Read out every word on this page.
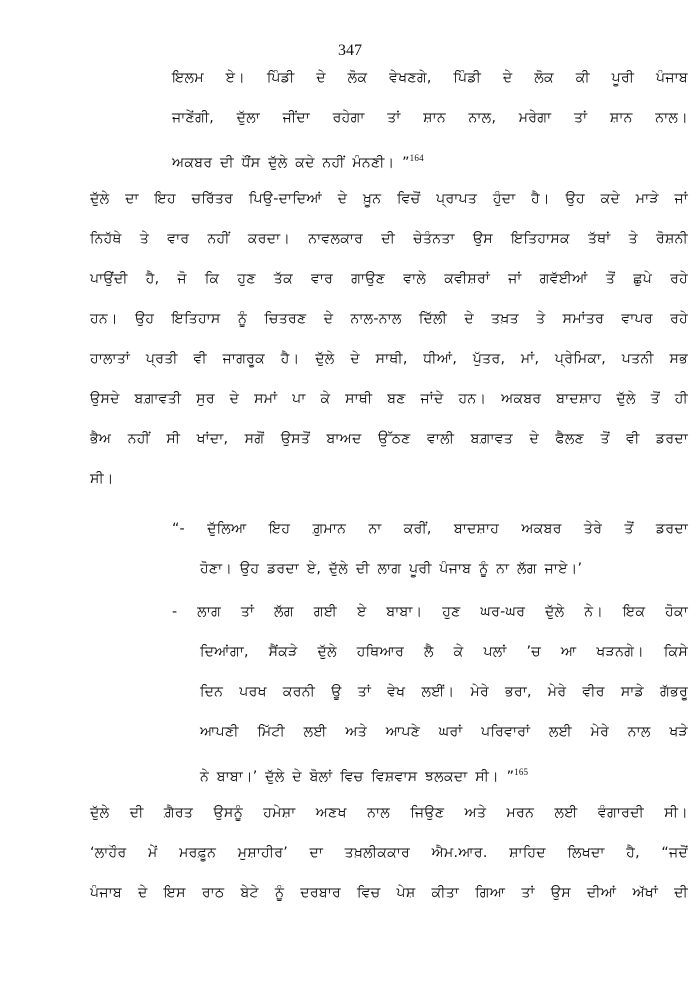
347
ਇਲਮ ਏ। ਪਿੰਡੀ ਦੇ ਲੋਕ ਵੇਖਣਗੇ, ਪਿੰਡੀ ਦੇ ਲੋਕ ਕੀ ਪੂਰੀ ਪੰਜਾਬ
ਜਾਣੇਂਗੀ, ਦੁੱਲਾ ਜੀਂਦਾ ਰਹੇਗਾ ਤਾਂ ਸ਼ਾਨ ਨਾਲ, ਮਰੇਗਾ ਤਾਂ ਸ਼ਾਨ ਨਾਲ।
ਅਕਬਰ ਦੀ ਧੌਂਸ ਦੁੱਲੇ ਕਦੇ ਨਹੀਂ ਮੰਨਣੀ। ”$^{164}$
ਦੁੱਲੇ ਦਾ ਇਹ ਚਰਿੱਤਰ ਪਿਉ-ਦਾਦਿਆਂ ਦੇ ਖ਼ੂਨ ਵਿਚੋਂ ਪ੍ਰਾਪਤ ਹੁੰਦਾ ਹੈ। ਉਹ ਕਦੇ ਮਾੜੇ ਜਾਂ
ਨਿਹੱਥੇ ਤੇ ਵਾਰ ਨਹੀਂ ਕਰਦਾ। ਨਾਵਲਕਾਰ ਦੀ ਚੇਤੰਨਤਾ ਉਸ ਇਤਿਹਾਸਕ ਤੱਥਾਂ ਤੇ ਰੋਸ਼ਨੀ
ਪਾਉਂਦੀ ਹੈ, ਜੋ ਕਿ ਹੁਣ ਤੱਕ ਵਾਰ ਗਾਉਣ ਵਾਲੇ ਕਵੀਸ਼ਰਾਂ ਜਾਂ ਗਵੱਈਆਂ ਤੋਂ ਛੁਪੇ ਰਹੇ
ਹਨ। ਉਹ ਇਤਿਹਾਸ ਨੂੰ ਚਿਤਰਣ ਦੇ ਨਾਲ-ਨਾਲ ਦਿੱਲੀ ਦੇ ਤਖ਼ਤ ਤੇ ਸਮਾਂਤਰ ਵਾਪਰ ਰਹੇ
ਹਾਲਾਤਾਂ ਪ੍ਰਤੀ ਵੀ ਜਾਗਰੂਕ ਹੈ। ਦੁੱਲੇ ਦੇ ਸਾਥੀ, ਧੀਆਂ, ਪੁੱਤਰ, ਮਾਂ, ਪ੍ਰੇਮਿਕਾ, ਪਤਨੀ ਸਭ
ਉਸਦੇ ਬਗ਼ਾਵਤੀ ਸੁਰ ਦੇ ਸਮਾਂ ਪਾ ਕੇ ਸਾਥੀ ਬਣ ਜਾਂਦੇ ਹਨ। ਅਕਬਰ ਬਾਦਸ਼ਾਹ ਦੁੱਲੇ ਤੋਂ ਹੀ
ਭੈਅ ਨਹੀਂ ਸੀ ਖਾਂਦਾ, ਸਗੋਂ ਉਸਤੋਂ ਬਾਅਦ ਉੱਠਣ ਵਾਲੀ ਬਗ਼ਾਵਤ ਦੇ ਫੈਲਣ ਤੋਂ ਵੀ ਡਰਦਾ
ਸੀ।
“- ਦੁੱਲਿਆ ਇਹ ਗ਼ੁਮਾਨ ਨਾ ਕਰੀਂ, ਬਾਦਸ਼ਾਹ ਅਕਬਰ ਤੇਰੇ ਤੋਂ ਡਰਦਾ
ਹੋਣਾ। ਉਹ ਡਰਦਾ ਏ, ਦੁੱਲੇ ਦੀ ਲਾਗ ਪੂਰੀ ਪੰਜਾਬ ਨੂੰ ਨਾ ਲੱਗ ਜਾਏ।’
- ਲਾਗ ਤਾਂ ਲੱਗ ਗਈ ਏ ਬਾਬਾ। ਹੁਣ ਘਰ-ਘਰ ਦੁੱਲੇ ਨੇ। ਇਕ ਹੋਕਾ
ਦਿਆਂਗਾ, ਸੈਂਕੜੇ ਦੁੱਲੇ ਹਥਿਆਰ ਲੈ ਕੇ ਪਲਾਂ ’ਚ ਆ ਖੜਨਗੇ। ਕਿਸੇ
ਦਿਨ ਪਰਖ ਕਰਨੀ ਊ ਤਾਂ ਵੇਖ ਲਈਂ। ਮੇਰੇ ਭਰਾ, ਮੇਰੇ ਵੀਰ ਸਾਡੇ ਗੱਭਰੂ
ਆਪਣੀ ਮਿੱਟੀ ਲਈ ਅਤੇ ਆਪਣੇ ਘਰਾਂ ਪਰਿਵਾਰਾਂ ਲਈ ਮੇਰੇ ਨਾਲ ਖੜੇ
ਨੇ ਬਾਬਾ।’ ਦੁੱਲੇ ਦੇ ਬੋਲਾਂ ਵਿਚ ਵਿਸ਼ਵਾਸ ਝਲਕਦਾ ਸੀ। ”$^{165}$
ਦੁੱਲੇ ਦੀ ਗ਼ੈਰਤ ਉਸਨੂੰ ਹਮੇਸ਼ਾ ਅਣਖ ਨਾਲ ਜਿਉਣ ਅਤੇ ਮਰਨ ਲਈ ਵੰਗਾਰਦੀ ਸੀ।
‘ਲਾਹੌਰ ਮੇਂ ਮਰਫ਼ੂਨ ਮੁਸ਼ਾਹੀਰ’ ਦਾ ਤਖ਼ਲੀਕਕਾਰ ਐਮ.ਆਰ. ਸ਼ਾਹਿਦ ਲਿਖਦਾ ਹੈ, “ਜਦੋਂ
ਪੰਜਾਬ ਦੇ ਇਸ ਰਾਠ ਬੇਟੇ ਨੂੰ ਦਰਬਾਰ ਵਿਚ ਪੇਸ਼ ਕੀਤਾ ਗਿਆ ਤਾਂ ਉਸ ਦੀਆਂ ਅੱਖਾਂ ਦੀ
